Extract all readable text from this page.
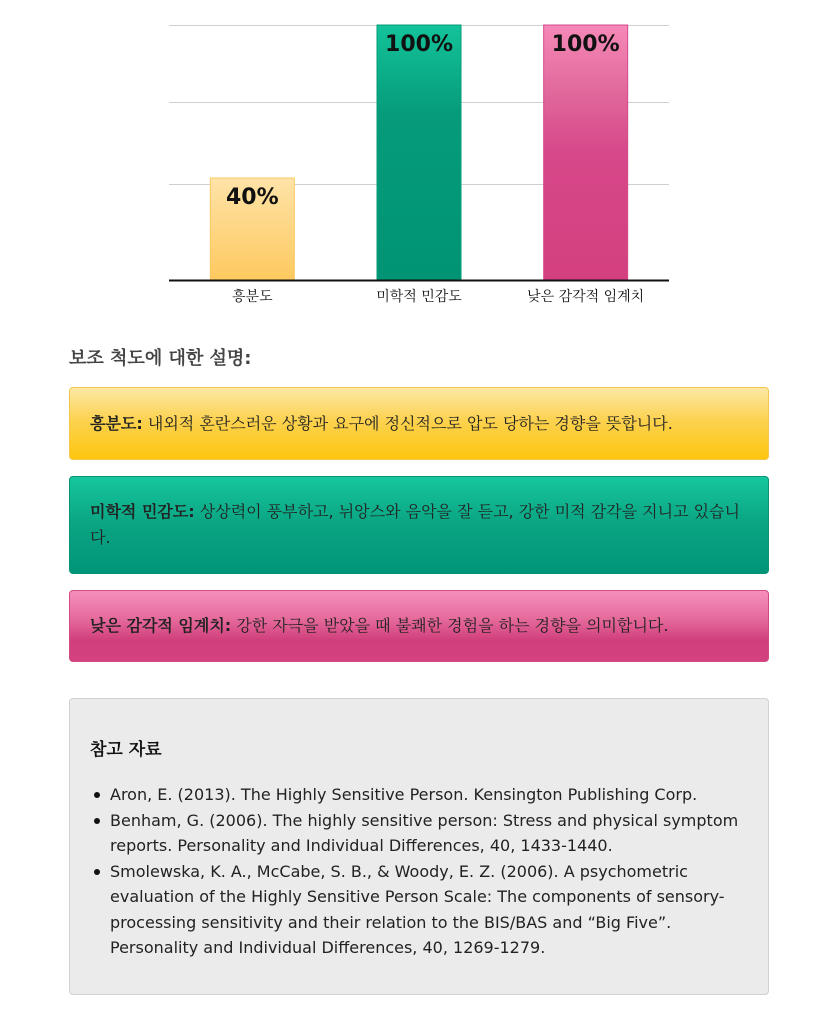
40%
흥분도
100%
미학적 민감도
100%
낮은 감각적 임계치
보조 척도에 대한 설명:

흥분도: 내외적 혼란스러운 상황과 요구에 정신적으로 압도 당하는 경향을 뜻합니다.

미학적 민감도: 상상력이 풍부하고, 뉘앙스와 음악을 잘 듣고, 강한 미적 감각을 지니고 있습니다.

낮은 감각적 임계치: 강한 자극을 받았을 때 불쾌한 경험을 하는 경향을 의미합니다.

참고 자료
Aron, E. (2013). The Highly Sensitive Person. Kensington Publishing Corp.
Benham, G. (2006). The highly sensitive person: Stress and physical symptom reports. Personality and Individual Differences, 40, 1433-1440.
Smolewska, K. A., McCabe, S. B., & Woody, E. Z. (2006). A psychometric evaluation of the Highly Sensitive Person Scale: The components of sensory-processing sensitivity and their relation to the BIS/BAS and “Big Five”. Personality and Individual Differences, 40, 1269-1279.
